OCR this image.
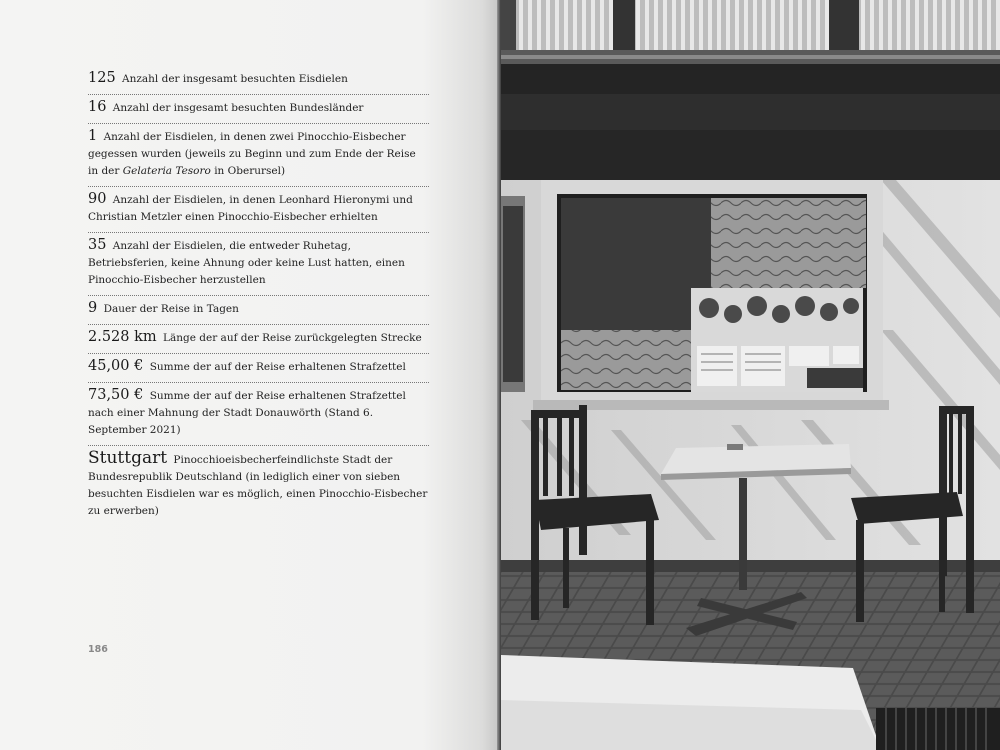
125 Anzahl der insgesamt besuchten Eisdielen
16 Anzahl der insgesamt besuchten Bundesländer
1 Anzahl der Eisdielen, in denen zwei Pinocchio-Eisbecher gegessen wurden (jeweils zu Beginn und zum Ende der Reise in der Gelateria Tesoro in Oberursel)
90 Anzahl der Eisdielen, in denen Leonhard Hieronymi und Christian Metzler einen Pinocchio-Eisbecher erhielten
35 Anzahl der Eisdielen, die entweder Ruhetag, Betriebsferien, keine Ahnung oder keine Lust hatten, einen Pinocchio-Eisbecher herzustellen
9 Dauer der Reise in Tagen
2.528 km Länge der auf der Reise zurückgelegten Strecke
45,00 € Summe der auf der Reise erhaltenen Strafzettel
73,50 € Summe der auf der Reise erhaltenen Strafzettel nach einer Mahnung der Stadt Donauwörth (Stand 6. September 2021)
Stuttgart Pinocchioeisbecherfeindlichste Stadt der Bundesrepublik Deutschland (in lediglich einer von sieben besuchten Eisdielen war es möglich, einen Pinocchio-Eisbecher zu erwerben)
186
